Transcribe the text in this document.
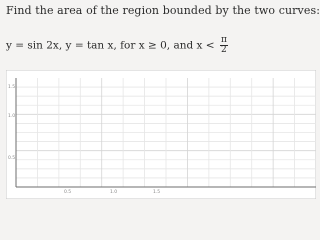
Find the area of the region bounded by the two curves:
y = sin 2x, y = tan x, for x ≥ 0, and $x < \frac{\pi}{2}$
1.5
1.0
0.5
0.5	1.0	1.5
